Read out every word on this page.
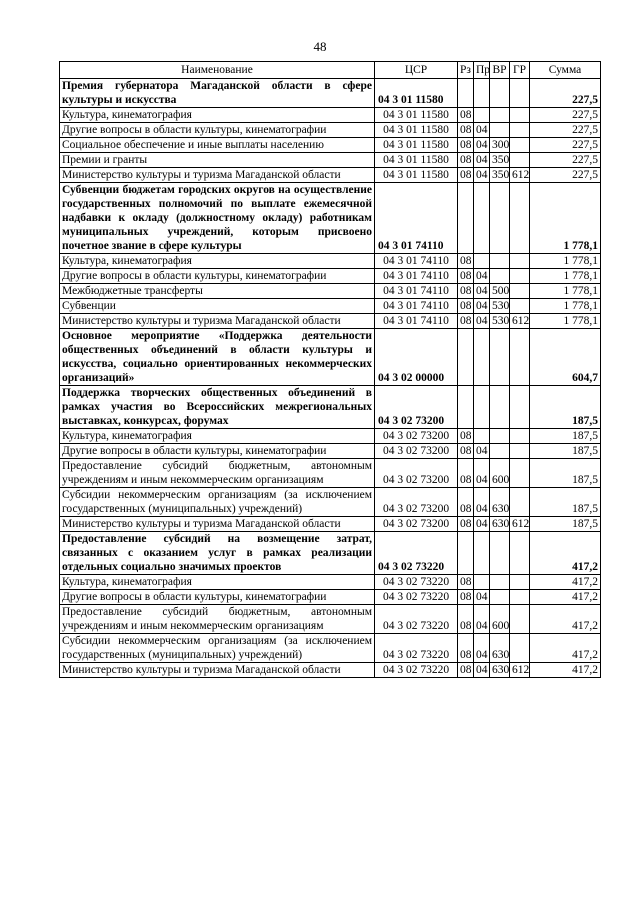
48
Наименование	ЦСР	Рз	Пр	ВР	ГР	Сумма
Премия губернатора Магаданской области в сфере культуры и искусства	04 3 01 11580					227,5
Культура, кинематография	04 3 01 11580	08				227,5
Другие вопросы в области культуры, кинематографии	04 3 01 11580	08	04			227,5
Социальное обеспечение и иные выплаты населению	04 3 01 11580	08	04	300		227,5
Премии и гранты	04 3 01 11580	08	04	350		227,5
Министерство культуры и туризма Магаданской области	04 3 01 11580	08	04	350	612	227,5
Субвенции бюджетам городских округов на осуществление государственных полномочий по выплате ежемесячной надбавки к окладу (должностному окладу) работникам муниципальных учреждений, которым присвоено почетное звание в сфере культуры	04 3 01 74110					1 778,1
Культура, кинематография	04 3 01 74110	08				1 778,1
Другие вопросы в области культуры, кинематографии	04 3 01 74110	08	04			1 778,1
Межбюджетные трансферты	04 3 01 74110	08	04	500		1 778,1
Субвенции	04 3 01 74110	08	04	530		1 778,1
Министерство культуры и туризма Магаданской области	04 3 01 74110	08	04	530	612	1 778,1
Основное мероприятие «Поддержка деятельности общественных объединений в области культуры и искусства, социально ориентированных некоммерческих организаций»	04 3 02 00000					604,7
Поддержка творческих общественных объединений в рамках участия во Всероссийских межрегиональных выставках, конкурсах, форумах	04 3 02 73200					187,5
Культура, кинематография	04 3 02 73200	08				187,5
Другие вопросы в области культуры, кинематографии	04 3 02 73200	08	04			187,5
Предоставление субсидий бюджетным, автономным учреждениям и иным некоммерческим организациям	04 3 02 73200	08	04	600		187,5
Субсидии некоммерческим организациям (за исключением государственных (муниципальных) учреждений)	04 3 02 73200	08	04	630		187,5
Министерство культуры и туризма Магаданской области	04 3 02 73200	08	04	630	612	187,5
Предоставление субсидий на возмещение затрат, связанных с оказанием услуг в рамках реализации отдельных социально значимых проектов	04 3 02 73220					417,2
Культура, кинематография	04 3 02 73220	08				417,2
Другие вопросы в области культуры, кинематографии	04 3 02 73220	08	04			417,2
Предоставление субсидий бюджетным, автономным учреждениям и иным некоммерческим организациям	04 3 02 73220	08	04	600		417,2
Субсидии некоммерческим организациям (за исключением государственных (муниципальных) учреждений)	04 3 02 73220	08	04	630		417,2
Министерство культуры и туризма Магаданской области	04 3 02 73220	08	04	630	612	417,2
